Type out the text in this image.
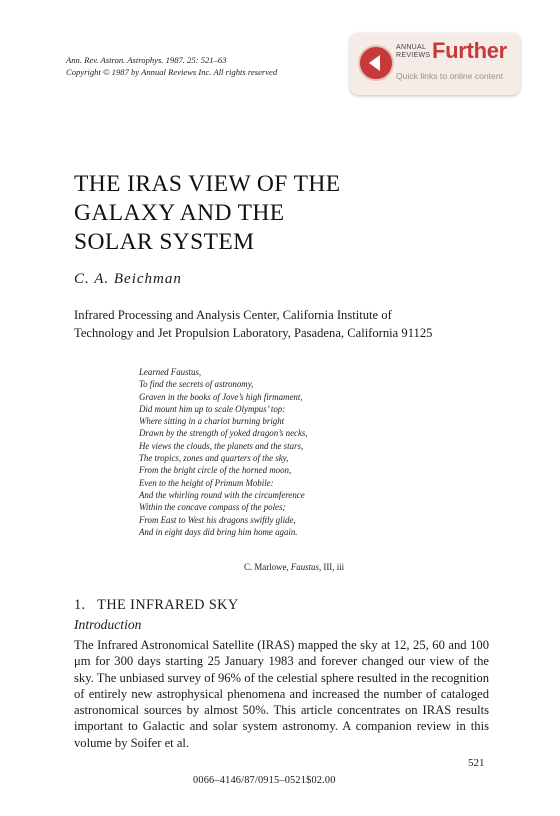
Ann. Rev. Astron. Astrophys. 1987. 25: 521–63
Copyright © 1987 by Annual Reviews Inc. All rights reserved
ANNUAL
REVIEWS Further
Quick links to online content
THE IRAS VIEW OF THE
GALAXY AND THE
SOLAR SYSTEM
C. A. Beichman
Infrared Processing and Analysis Center, California Institute of
Technology and Jet Propulsion Laboratory, Pasadena, California 91125
Learned Faustus,
To find the secrets of astronomy,
Graven in the books of Jove’s high firmament,
Did mount him up to scale Olympus’ top:
Where sitting in a chariot burning bright
Drawn by the strength of yoked dragon’s necks,
He views the clouds, the planets and the stars,
The tropics, zones and quarters of the sky,
From the bright circle of the horned moon,
Even to the height of Primum Mobile:
And the whirling round with the circumference
Within the concave compass of the poles;
From East to West his dragons swiftly glide,
And in eight days did bring him home again.
C. Marlowe, Faustus, III, iii
1.   THE INFRARED SKY
Introduction

The Infrared Astronomical Satellite (IRAS) mapped the sky at 12, 25, 60 and 100 μm for 300 days starting 25 January 1983 and forever changed our view of the sky. The unbiased survey of 96% of the celestial sphere resulted in the recognition of entirely new astrophysical phenomena and increased the number of cataloged astronomical sources by almost 50%. This article concentrates on IRAS results important to Galactic and solar system astronomy. A companion review in this volume by Soifer et al.

521
0066–4146/87/0915–0521$02.00
